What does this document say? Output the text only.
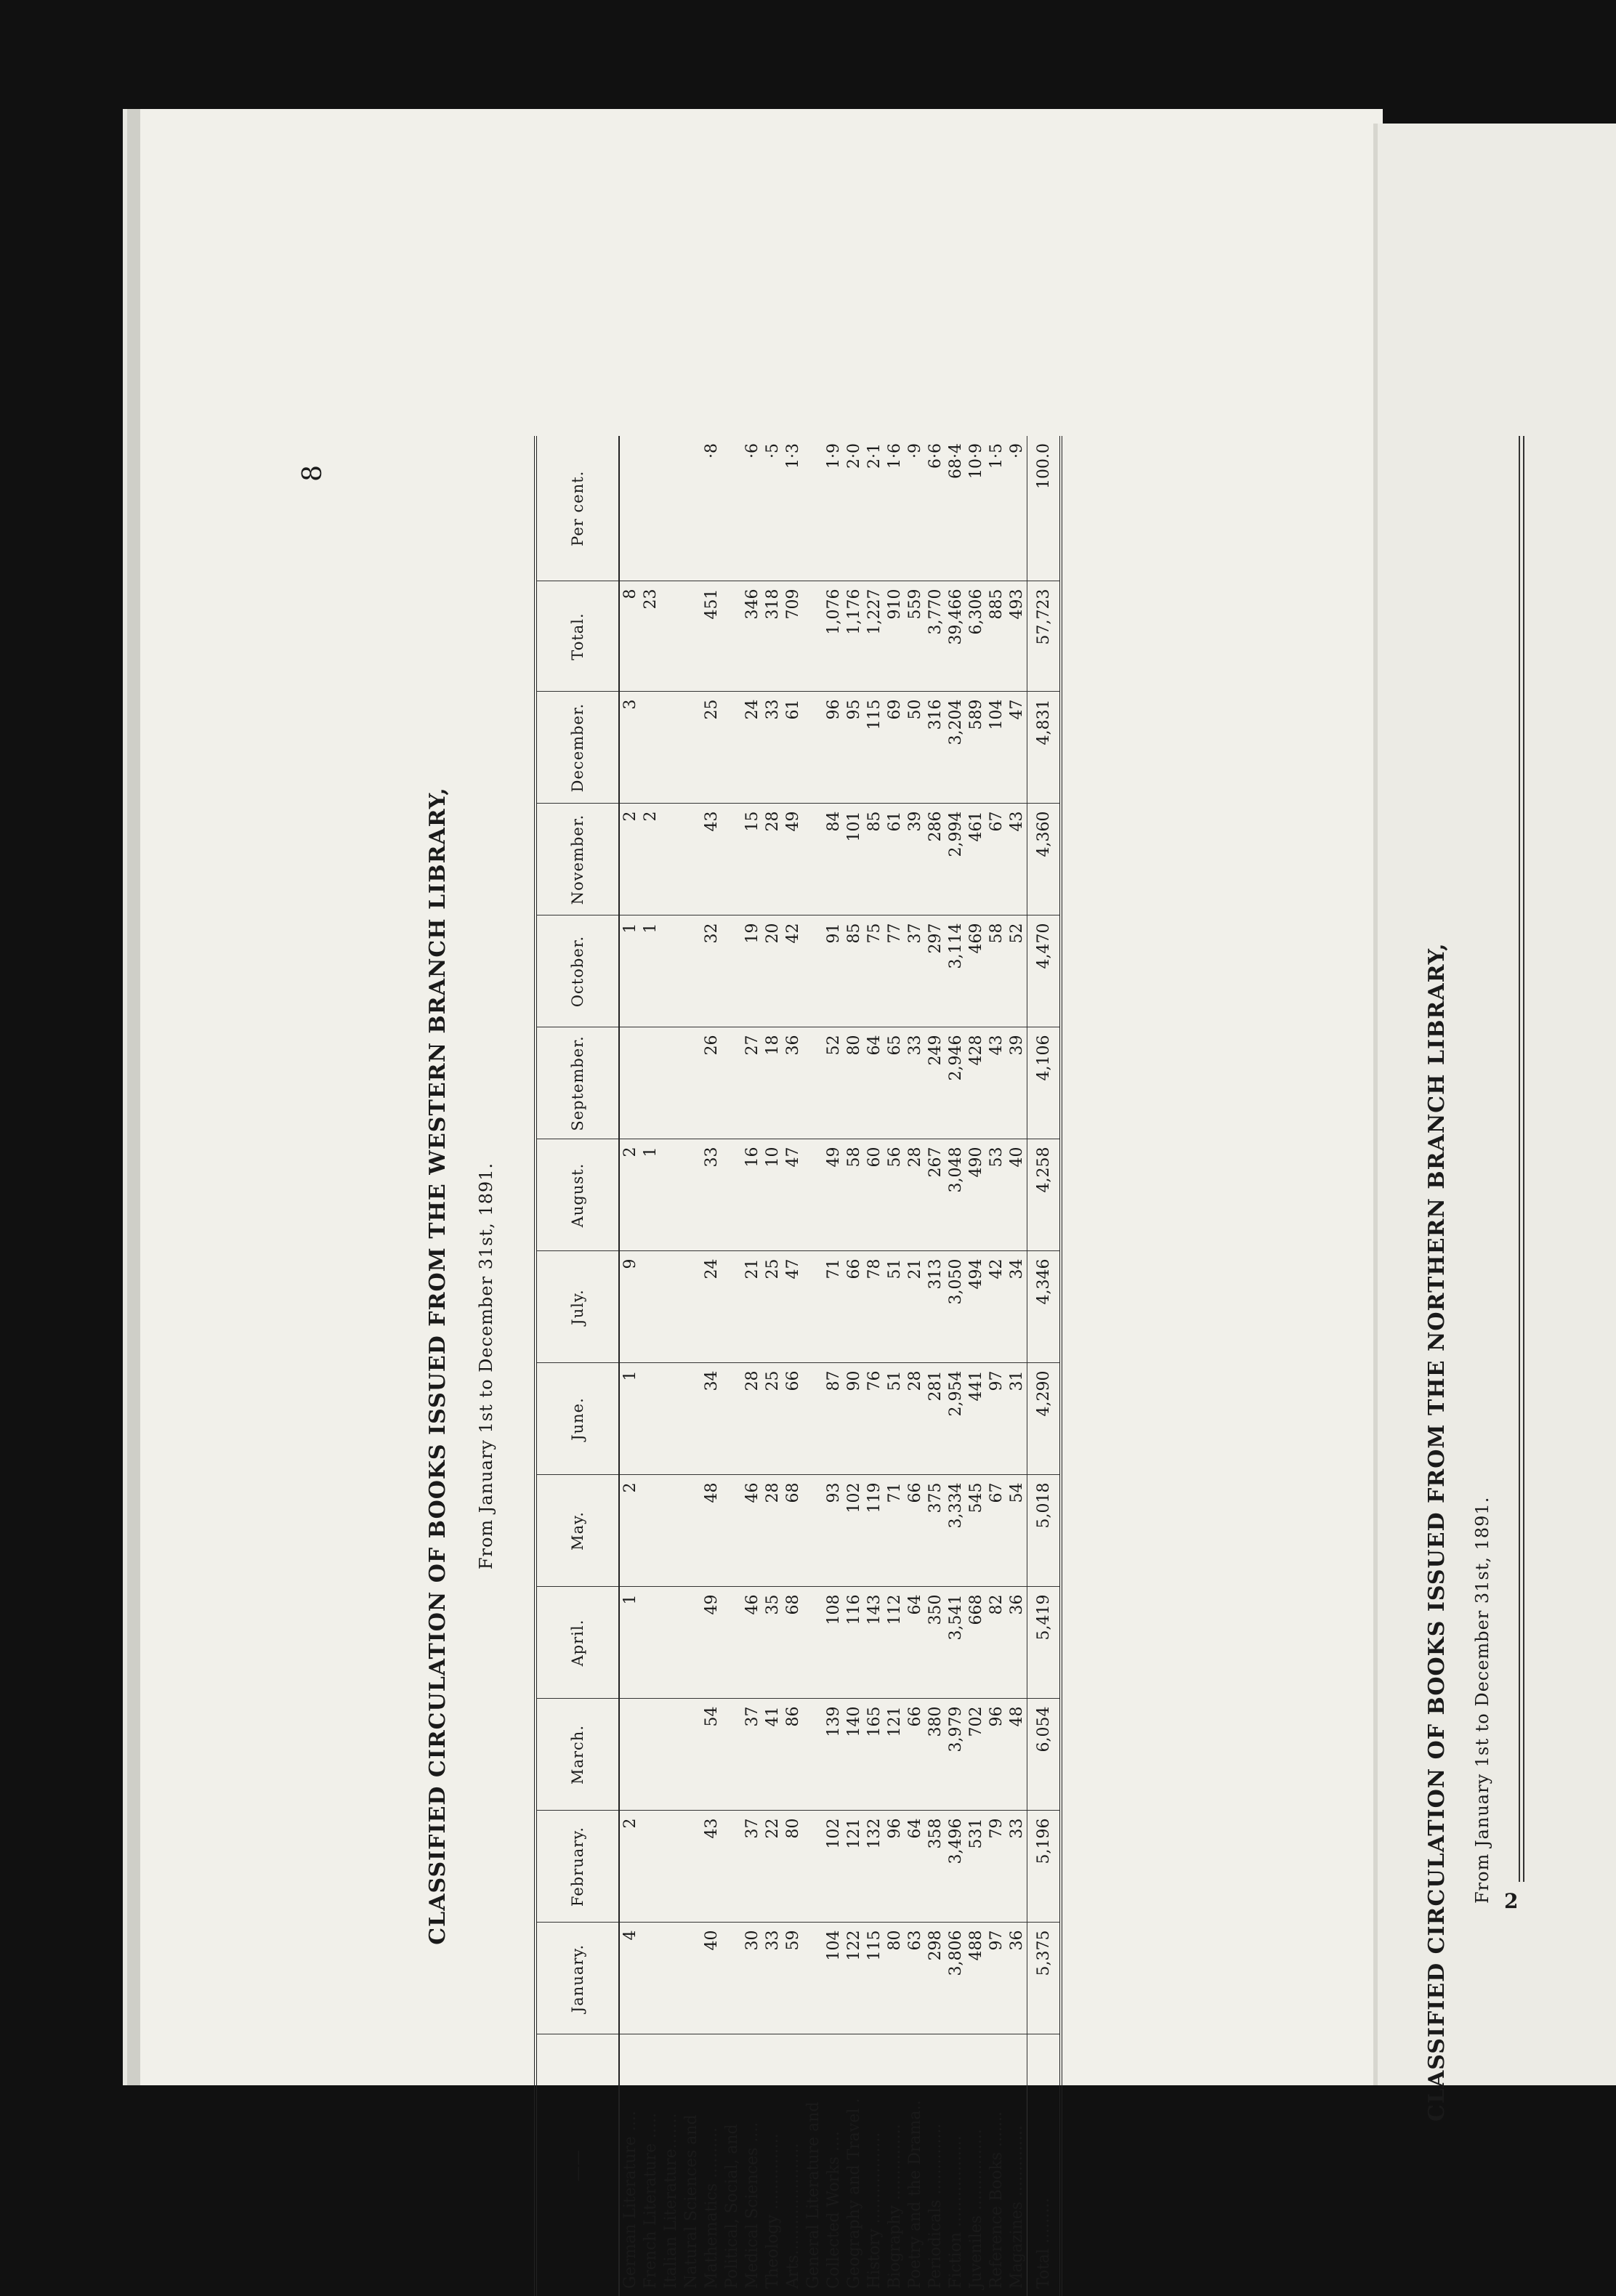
8
CLASSIFIED CIRCULATION OF BOOKS ISSUED FROM THE WESTERN BRANCH LIBRARY,	From January 1st to December 31st, 1891.

——	January.	February.	March.	April.	May.	June.	July.	August.	September.	October.	November.	December.	Total.	Per cent.
German Literature ....	4	2		1	2	1	9	2		1	2	3	8	
French Literature .....								1		1	2		23	
Italian Literature.......														
Natural Sciences and														
Mathematics ..........	40	43	54	49	48	34	24	33	26	32	43	25	451	·8
Political, Social, and														
Medical Sciences ....	30	37	37	46	46	28	21	16	27	19	15	24	346	·6
Theology ...............	33	22	41	35	28	25	25	10	18	20	28	33	318	·5
Arts......................	59	80	86	68	68	66	47	47	36	42	49	61	709	1·3
General Literature and														
Collected Works ....	104	102	139	108	93	87	71	49	52	91	84	96	1,076	1·9
Geography and Travel .	122	121	140	116	102	90	66	58	80	85	101	95	1,176	2·0
History ..................	115	132	165	143	119	76	78	60	64	75	85	115	1,227	2·1
Biography ...............	80	96	121	112	71	51	51	56	65	77	61	69	910	1·6
Poetry and the Drama..	63	64	66	64	66	28	21	28	33	37	39	50	559	·9
Periodicals ..............	298	358	380	350	375	281	313	267	249	297	286	316	3,770	6·6
Fiction ..................	3,806	3,496	3,979	3,541	3,334	2,954	3,050	3,048	2,946	3,114	2,994	3,204	39,466	68·4
Juveniles ................	488	531	702	668	545	441	494	490	428	469	461	589	6,306	10·9
Reference Books .......	97	79	96	82	67	97	42	53	43	58	67	104	885	1·5
Magazines ..............	36	33	48	36	54	31	34	40	39	52	43	47	493	·9
Total .........	5,375	5,196	6,054	5,419	5,018	4,290	4,346	4,258	4,106	4,470	4,360	4,831	57,723	100.0
CLASSIFIED CIRCULATION OF BOOKS ISSUED FROM THE NORTHERN BRANCH LIBRARY,	From January 1st to December 31st, 1891. 2
